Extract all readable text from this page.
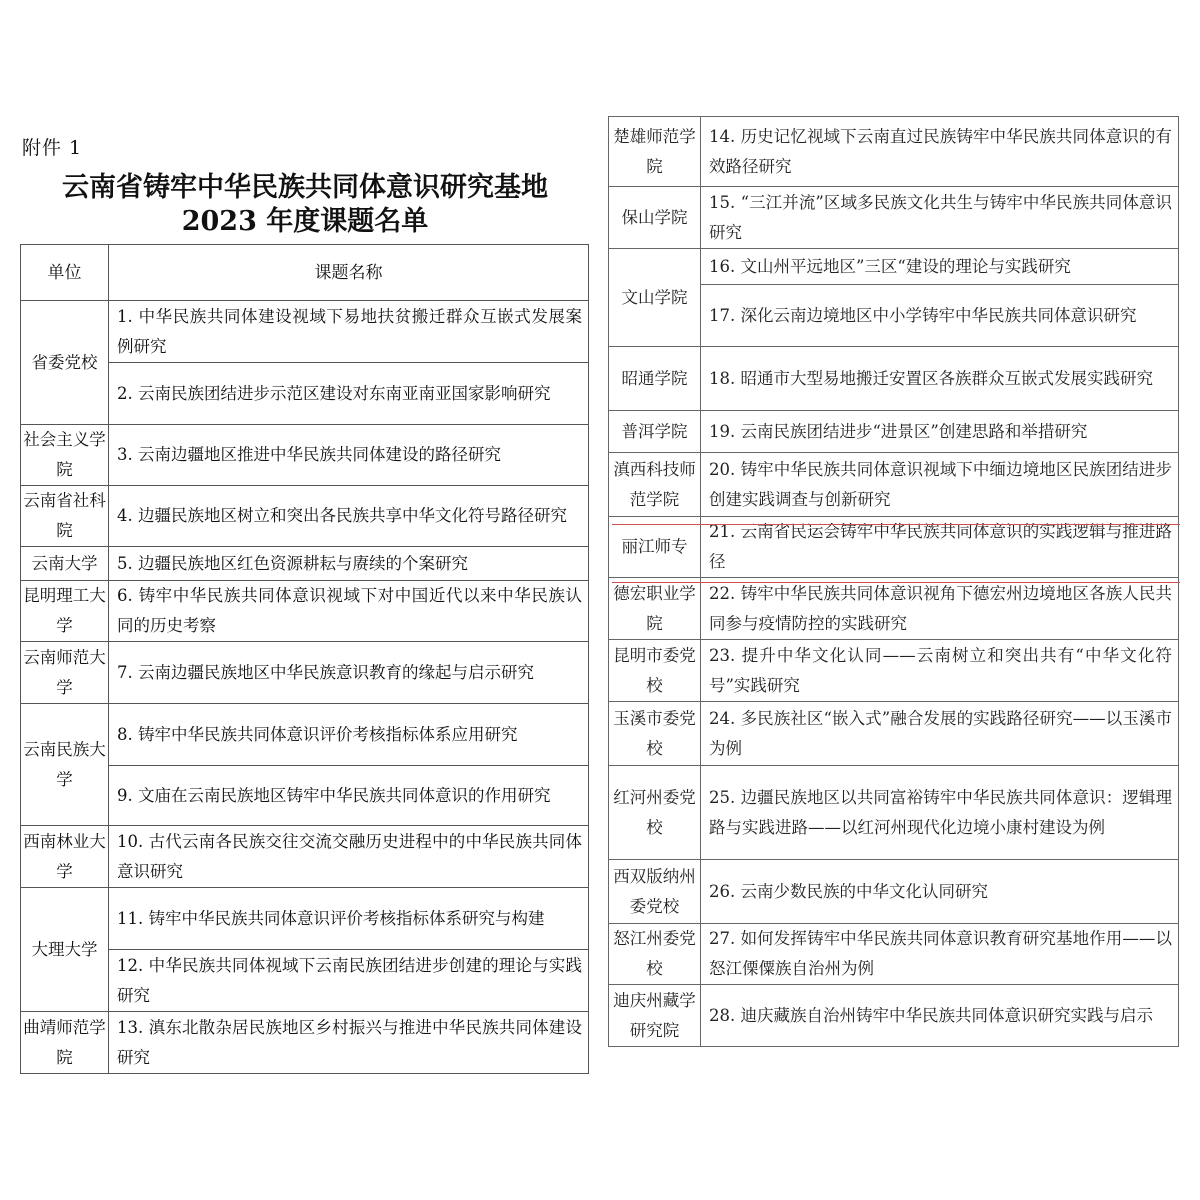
附件 1
云南省铸牢中华民族共同体意识研究基地
2023 年度课题名单
单位	课题名称
省委党校	1. 中华民族共同体建设视域下易地扶贫搬迁群众互嵌式发展案例研究
	2. 云南民族团结进步示范区建设对东南亚南亚国家影响研究
社会主义学院	3. 云南边疆地区推进中华民族共同体建设的路径研究
云南省社科院	4. 边疆民族地区树立和突出各民族共享中华文化符号路径研究
云南大学	5. 边疆民族地区红色资源耕耘与赓续的个案研究
昆明理工大学	6. 铸牢中华民族共同体意识视域下对中国近代以来中华民族认同的历史考察
云南师范大学	7. 云南边疆民族地区中华民族意识教育的缘起与启示研究
云南民族大学	8. 铸牢中华民族共同体意识评价考核指标体系应用研究
	9. 文庙在云南民族地区铸牢中华民族共同体意识的作用研究
西南林业大学	10. 古代云南各民族交往交流交融历史进程中的中华民族共同体意识研究
大理大学	11. 铸牢中华民族共同体意识评价考核指标体系研究与构建
	12. 中华民族共同体视域下云南民族团结进步创建的理论与实践研究
曲靖师范学院	13. 滇东北散杂居民族地区乡村振兴与推进中华民族共同体建设研究
楚雄师范学院	14. 历史记忆视域下云南直过民族铸牢中华民族共同体意识的有效路径研究
保山学院	15. “三江并流”区域多民族文化共生与铸牢中华民族共同体意识研究
文山学院	16. 文山州平远地区”三区“建设的理论与实践研究
	17. 深化云南边境地区中小学铸牢中华民族共同体意识研究
昭通学院	18. 昭通市大型易地搬迁安置区各族群众互嵌式发展实践研究
普洱学院	19. 云南民族团结进步“进景区”创建思路和举措研究
滇西科技师范学院	20. 铸牢中华民族共同体意识视域下中缅边境地区民族团结进步创建实践调查与创新研究
丽江师专	21. 云南省民运会铸牢中华民族共同体意识的实践逻辑与推进路径
德宏职业学院	22. 铸牢中华民族共同体意识视角下德宏州边境地区各族人民共同参与疫情防控的实践研究
昆明市委党校	23. 提升中华文化认同——云南树立和突出共有“中华文化符号”实践研究
玉溪市委党校	24. 多民族社区“嵌入式”融合发展的实践路径研究——以玉溪市为例
红河州委党校	25. 边疆民族地区以共同富裕铸牢中华民族共同体意识：逻辑理路与实践进路——以红河州现代化边境小康村建设为例
西双版纳州委党校	26. 云南少数民族的中华文化认同研究
怒江州委党校	27. 如何发挥铸牢中华民族共同体意识教育研究基地作用——以怒江傈僳族自治州为例
迪庆州藏学研究院	28. 迪庆藏族自治州铸牢中华民族共同体意识研究实践与启示
